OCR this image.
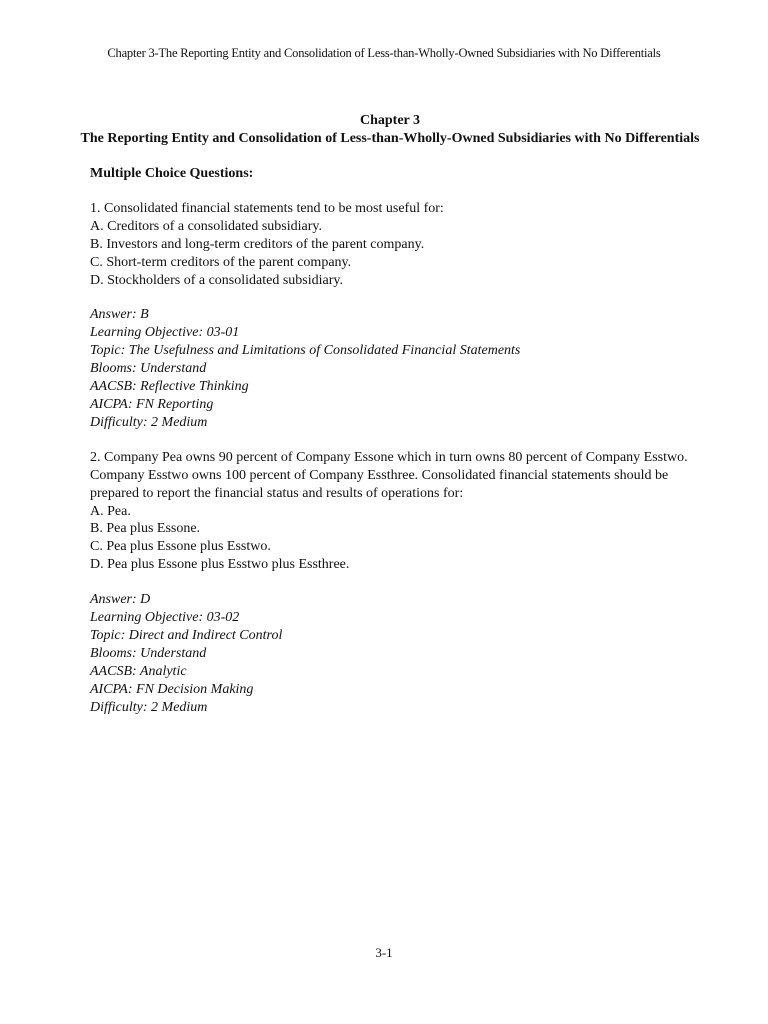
Chapter 3-The Reporting Entity and Consolidation of Less-than-Wholly-Owned Subsidiaries with No Differentials
Chapter 3
The Reporting Entity and Consolidation of Less-than-Wholly-Owned Subsidiaries with No Differentials
Multiple Choice Questions:
1. Consolidated financial statements tend to be most useful for:
A. Creditors of a consolidated subsidiary.
B. Investors and long-term creditors of the parent company.
C. Short-term creditors of the parent company.
D. Stockholders of a consolidated subsidiary.
Answer: B
Learning Objective: 03-01
Topic: The Usefulness and Limitations of Consolidated Financial Statements
Blooms: Understand
AACSB: Reflective Thinking
AICPA: FN Reporting
Difficulty: 2 Medium
2. Company Pea owns 90 percent of Company Essone which in turn owns 80 percent of Company Esstwo. Company Esstwo owns 100 percent of Company Essthree. Consolidated financial statements should be prepared to report the financial status and results of operations for:
A. Pea.
B. Pea plus Essone.
C. Pea plus Essone plus Esstwo.
D. Pea plus Essone plus Esstwo plus Essthree.
Answer: D
Learning Objective: 03-02
Topic: Direct and Indirect Control
Blooms: Understand
AACSB: Analytic
AICPA: FN Decision Making
Difficulty: 2 Medium
3-1
